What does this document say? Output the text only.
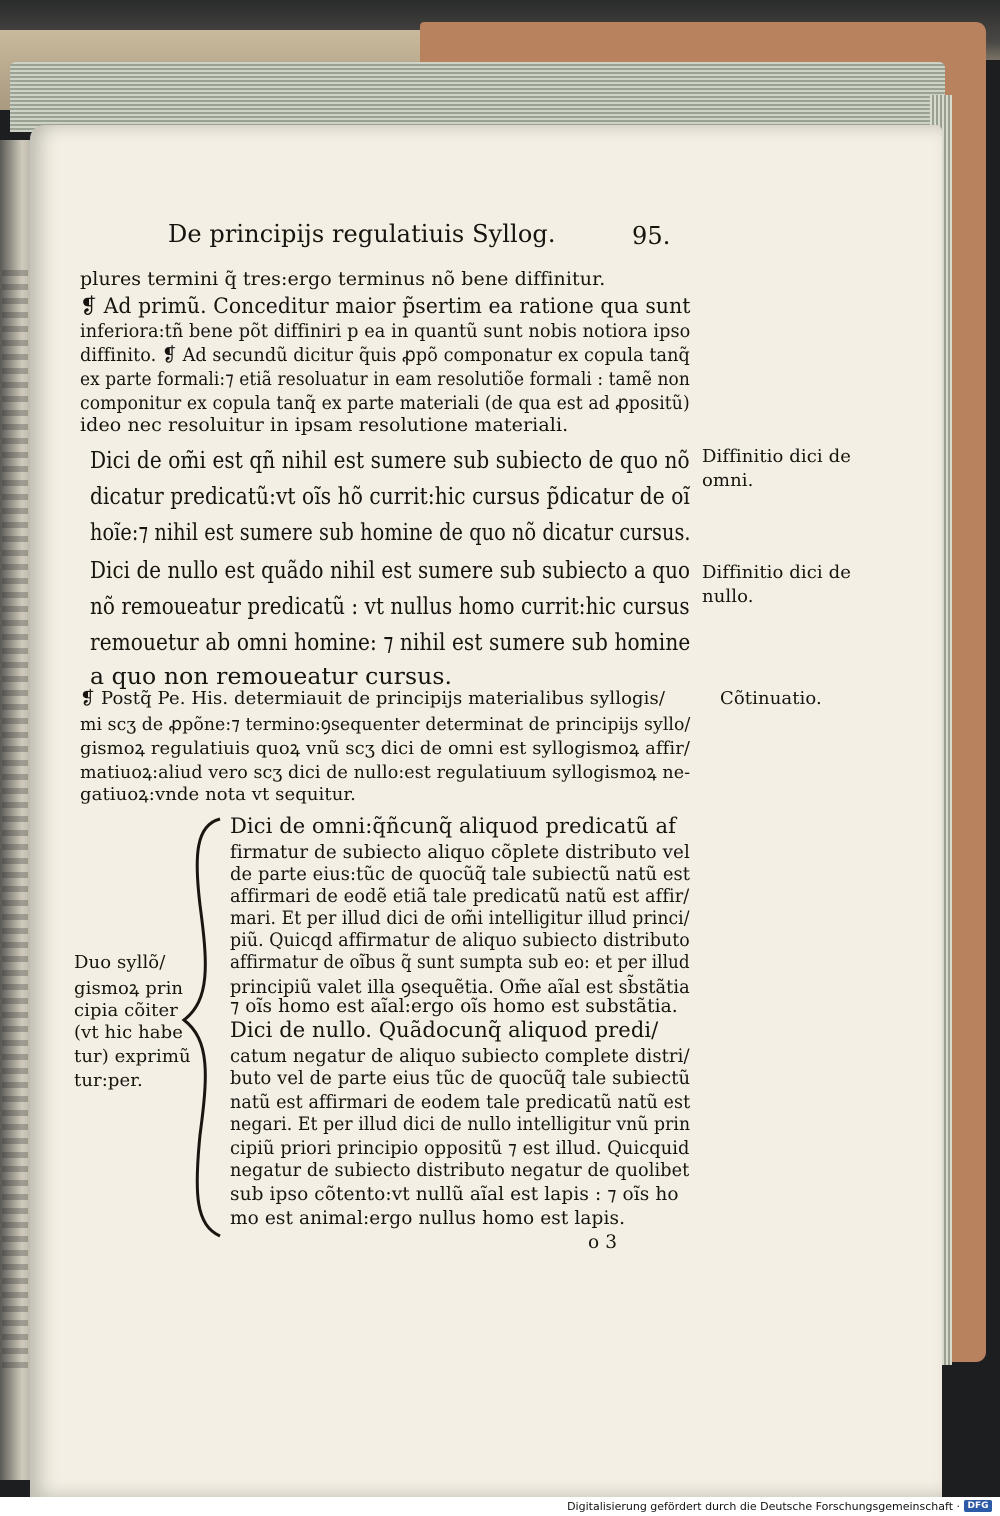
De principijs regulatiuis Syllog.	95.
plures termini q̃ tres:ergo terminus nõ bene diffinitur.
❡ Ad primũ. Conceditur maior p̃sertim ea ratione qua sunt
inferiora:tñ bene põt diffiniri p ea in quantũ sunt nobis notiora ipso
diffinito. ❡ Ad secundũ dicitur q̃uis ꝓpõ componatur ex copula tanq̃
ex parte formali:⁊ etiã resoluatur in eam resolutiõe formali : tamẽ non
componitur ex copula tanq̃ ex parte materiali (de qua est ad ꝓpositũ)
ideo nec resoluitur in ipsam resolutione materiali.
Dici de om̃i est qñ nihil est sumere sub subiecto de quo nõ
dicatur predicatũ:vt oĩs hõ currit:hic cursus p̃dicatur de oĩ
hoĩe:⁊ nihil est sumere sub homine de quo nõ dicatur cursus.
Dici de nullo est quãdo nihil est sumere sub subiecto a quo
nõ remoueatur predicatũ : vt nullus homo currit:hic cursus
remouetur ab omni homine: ⁊ nihil est sumere sub homine
a quo non remoueatur cursus.
❡ Postq̃ Pe. His. determiauit de principijs materialibus syllogis/
mi scʒ de ꝓpõne:⁊ termino:ꝯsequenter determinat de principijs syllo/
gismoꝝ regulatiuis quoꝝ vnũ scʒ dici de omni est syllogismoꝝ affir/
matiuoꝝ:aliud vero scʒ dici de nullo:est regulatiuum syllogismoꝝ ne-
gatiuoꝝ:vnde nota vt sequitur.
Dici de omni:q̃ñcunq̃ aliquod predicatũ af
firmatur de subiecto aliquo cõplete distributo vel
de parte eius:tũc de quocũq̃ tale subiectũ natũ est
affirmari de eodẽ etiã tale predicatũ natũ est affir/
mari. Et per illud dici de om̃i intelligitur illud princi/
piũ. Quicqd affirmatur de aliquo subiecto distributo
affirmatur de oĩbus q̃ sunt sumpta sub eo: et per illud
principiũ valet illa ꝯsequẽtia. Om̃e aĩal est sb̃stãtia
⁊ oĩs homo est aĩal:ergo oĩs homo est substãtia.
Dici de nullo. Quãdocunq̃ aliquod predi/
catum negatur de aliquo subiecto complete distri/
buto vel de parte eius tũc de quocũq̃ tale subiectũ
natũ est affirmari de eodem tale predicatũ natũ est
negari. Et per illud dici de nullo intelligitur vnũ prin
cipiũ priori principio oppositũ ⁊ est illud. Quicquid
negatur de subiecto distributo negatur de quolibet
sub ipso cõtento:vt nullũ aĩal est lapis : ⁊ oĩs ho
mo est animal:ergo nullus homo est lapis.
o 3
Diffinitio dici de
omni.
Diffinitio dici de
nullo.
Cõtinuatio.
Duo syllõ/
gismoꝝ prin
cipia cõiter
(vt hic habe
tur) exprimũ
tur:per.
Digitalisierung gefördert durch die Deutsche Forschungsgemeinschaft · DFG
